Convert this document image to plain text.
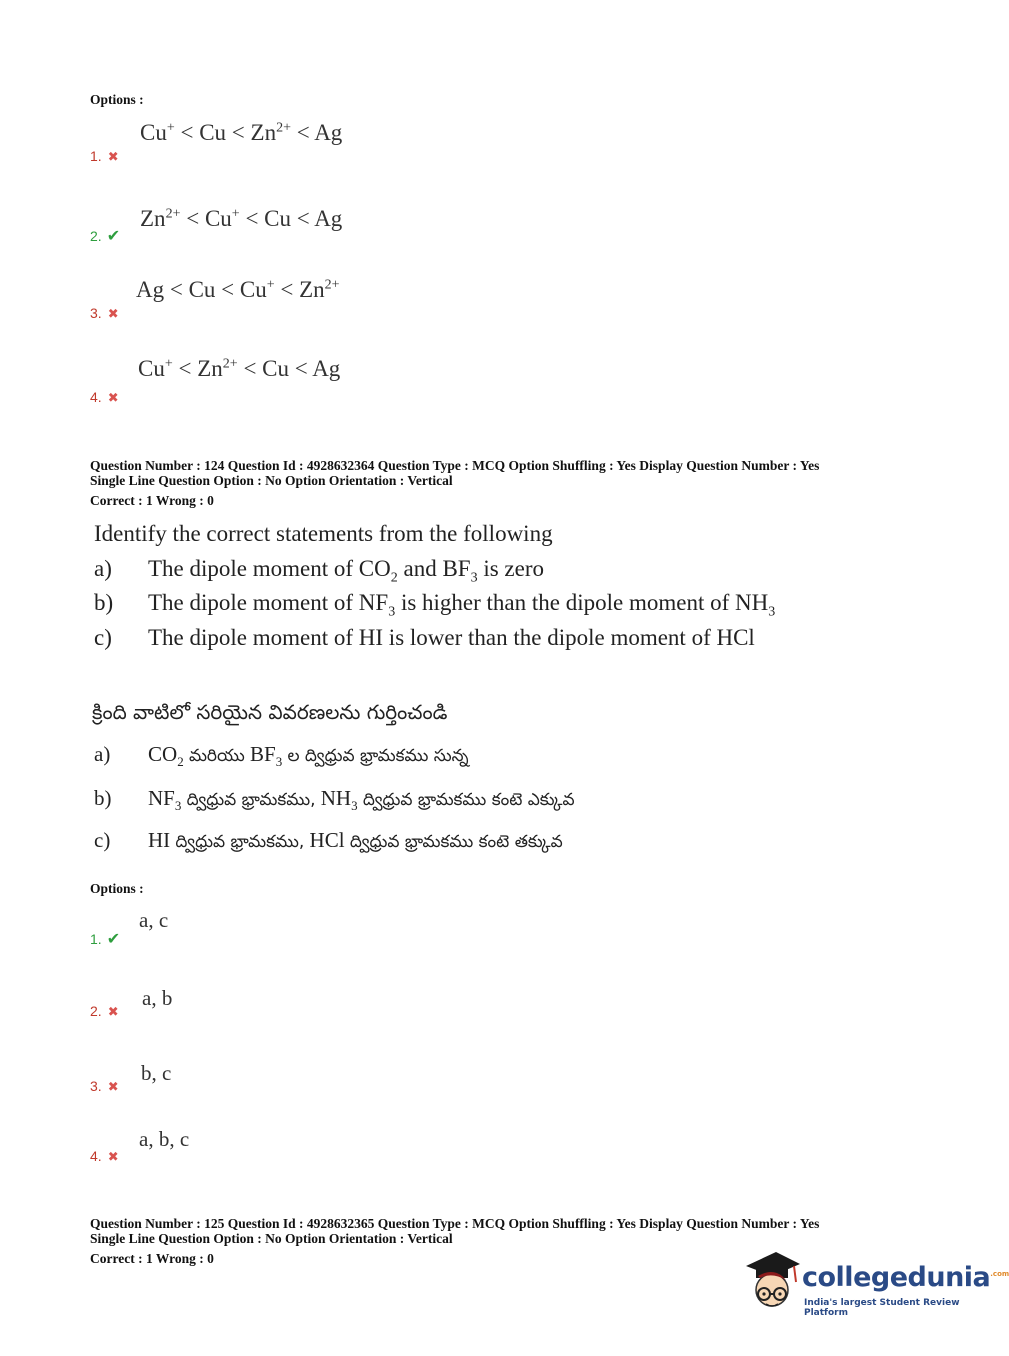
Options :
$Cu^+ < Cu < Zn^{2+} < Ag$
1. ✖
$Zn^{2+} < Cu^+ < Cu < Ag$
2. ✔
$Ag < Cu < Cu^+ < Zn^{2+}$
3. ✖
$Cu^+ < Zn^{2+} < Cu < Ag$
4. ✖
Question Number : 124 Question Id : 4928632364 Question Type : MCQ Option Shuffling : Yes Display Question Number : Yes
Single Line Question Option : No Option Orientation : Vertical
Correct : 1 Wrong : 0
Identify the correct statements from the following
a) The dipole moment of $CO_2$ and $BF_3$ is zero
b) The dipole moment of $NF_3$ is higher than the dipole moment of $NH_3$
c) The dipole moment of HI is lower than the dipole moment of HCl
క్రింది వాటిలో సరియైన వివరణలను గుర్తించండి
a) $CO_2$ మరియు $BF_3$ ల ద్విధ్రువ భ్రామకము సున్న
b) $NF_3$ ద్విధ్రువ భ్రామకము, $NH_3$ ద్విధ్రువ భ్రామకము కంటె ఎక్కువ
c) HI ద్విధ్రువ భ్రామకము, HCl ద్విధ్రువ భ్రామకము కంటె తక్కువ
Options :
a, c
1. ✔
a, b
2. ✖
b, c
3. ✖
a, b, c
4. ✖
Question Number : 125 Question Id : 4928632365 Question Type : MCQ Option Shuffling : Yes Display Question Number : Yes
Single Line Question Option : No Option Orientation : Vertical
Correct : 1 Wrong : 0
collegedunia$^{.com}$
India's largest Student Review Platform
